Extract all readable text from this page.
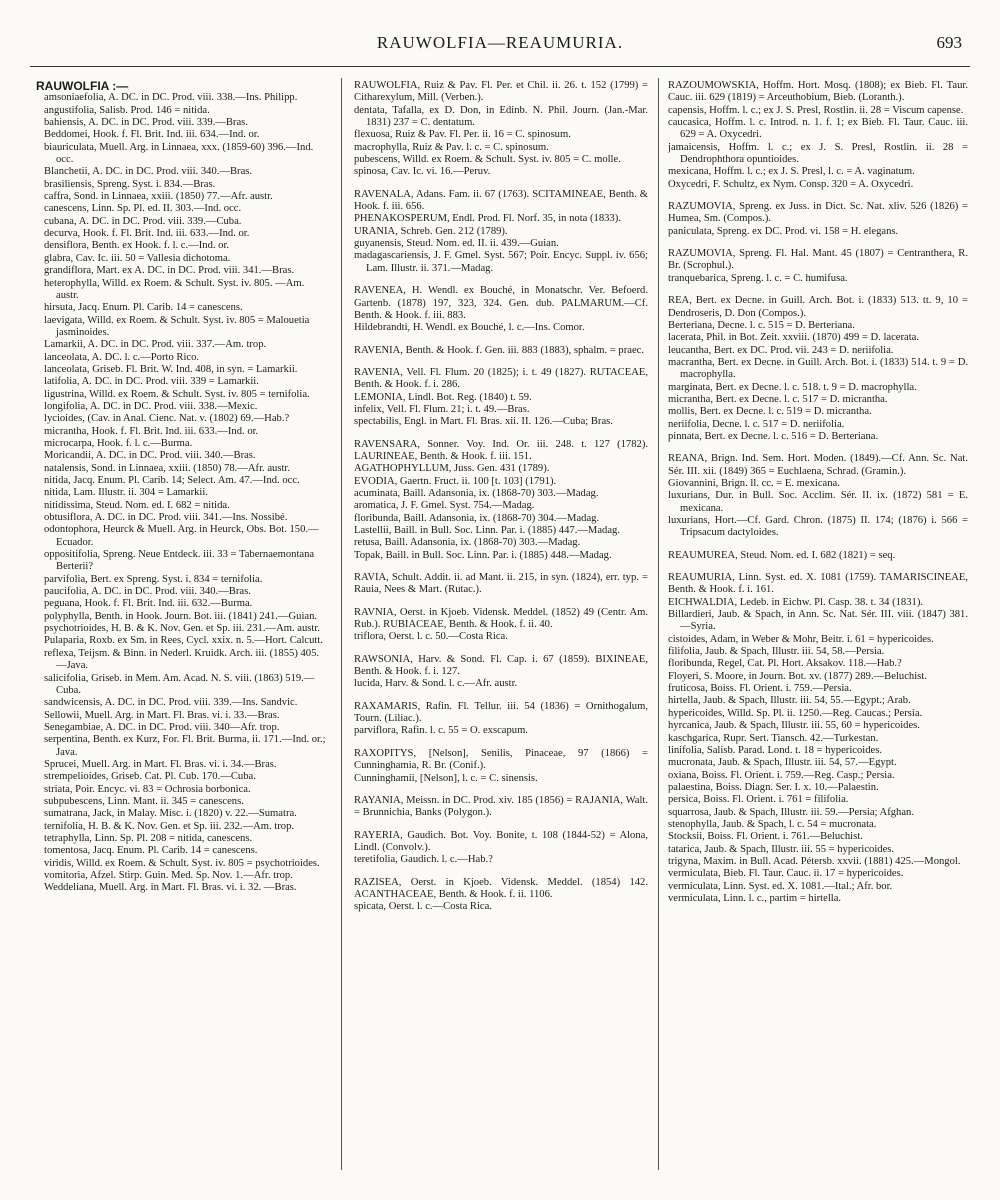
RAUWOLFIA—REAUMURIA.	693
RAUWOLFIA :—
amsoniaefolia, A. DC. in DC. Prod. viii. 338.—Ins. Philipp.
angustifolia, Salisb. Prod. 146 = nitida.
bahiensis, A. DC. in DC. Prod. viii. 339.—Bras.
Beddomei, Hook. f. Fl. Brit. Ind. iii. 634.—Ind. or.
biauriculata, Muell. Arg. in Linnaea, xxx. (1859-60) 396.—Ind. occ.
Blanchetii, A. DC. in DC. Prod. viii. 340.—Bras.
brasiliensis, Spreng. Syst. i. 834.—Bras.
caffra, Sond. in Linnaea, xxiii. (1850) 77.—Afr. austr.
canescens, Linn. Sp. Pl. ed. II. 303.—Ind. occ.
cubana, A. DC. in DC. Prod. viii. 339.—Cuba.
decurva, Hook. f. Fl. Brit. Ind. iii. 633.—Ind. or.
densiflora, Benth. ex Hook. f. l. c.—Ind. or.
glabra, Cav. Ic. iii. 50 = Vallesia dichotoma.
grandiflora, Mart. ex A. DC. in DC. Prod. viii. 341.—Bras.
heterophylla, Willd. ex Roem. & Schult. Syst. iv. 805. —Am. austr.
hirsuta, Jacq. Enum. Pl. Carib. 14 = canescens.
laevigata, Willd. ex Roem. & Schult. Syst. iv. 805 = Malouetia jasminoides.
Lamarkii, A. DC. in DC. Prod. viii. 337.—Am. trop.
lanceolata, A. DC. l. c.—Porto Rico.
lanceolata, Griseb. Fl. Brit. W. Ind. 408, in syn. = Lamarkii.
latifolia, A. DC. in DC. Prod. viii. 339 = Lamarkii.
ligustrina, Willd. ex Roem. & Schult. Syst. iv. 805 = ternifolia.
longifolia, A. DC. in DC. Prod. viii. 338.—Mexic.
lycioides, (Cav. in Anal. Cienc. Nat. v. (1802) 69.—Hab.?
micrantha, Hook. f. Fl. Brit. Ind. iii. 633.—Ind. or.
microcarpa, Hook. f. l. c.—Burma.
Moricandii, A. DC. in DC. Prod. viii. 340.—Bras.
natalensis, Sond. in Linnaea, xxiii. (1850) 78.—Afr. austr.
nitida, Jacq. Enum. Pl. Carib. 14; Select. Am. 47.—Ind. occ.
nitida, Lam. Illustr. ii. 304 = Lamarkii.
nitidissima, Steud. Nom. ed. I. 682 = nitida.
obtusiflora, A. DC. in DC. Prod. viii. 341.—Ins. Nossibé.
odontophora, Heurck & Muell. Arg. in Heurck, Obs. Bot. 150.—Ecuador.
oppositifolia, Spreng. Neue Entdeck. iii. 33 = Tabernaemontana Berterii?
parvifolia, Bert. ex Spreng. Syst. i. 834 = ternifolia.
paucifolia, A. DC. in DC. Prod. viii. 340.—Bras.
peguana, Hook. f. Fl. Brit. Ind. iii. 632.—Burma.
polyphylla, Benth. in Hook. Journ. Bot. iii. (1841) 241.—Guian.
psychotrioides, H. B. & K. Nov. Gen. et Sp. iii. 231.—Am. austr.
Pulaparia, Roxb. ex Sm. in Rees, Cycl. xxix. n. 5.—Hort. Calcutt.
reflexa, Teijsm. & Binn. in Nederl. Kruidk. Arch. iii. (1855) 405.—Java.
salicifolia, Griseb. in Mem. Am. Acad. N. S. viii. (1863) 519.—Cuba.
sandwicensis, A. DC. in DC. Prod. viii. 339.—Ins. Sandvic.
Sellowii, Muell. Arg. in Mart. Fl. Bras. vi. i. 33.—Bras.
Senegambiae, A. DC. in DC. Prod. viii. 340—Afr. trop.
serpentina, Benth. ex Kurz, For. Fl. Brit. Burma, ii. 171.—Ind. or.; Java.
Sprucei, Muell. Arg. in Mart. Fl. Bras. vi. i. 34.—Bras.
strempelioides, Griseb. Cat. Pl. Cub. 170.—Cuba.
striata, Poir. Encyc. vi. 83 = Ochrosia borbonica.
subpubescens, Linn. Mant. ii. 345 = canescens.
sumatrana, Jack, in Malay. Misc. i. (1820) v. 22.—Sumatra.
ternifolia, H. B. & K. Nov. Gen. et Sp. iii. 232.—Am. trop.
tetraphylla, Linn. Sp. Pl. 208 = nitida, canescens.
tomentosa, Jacq. Enum. Pl. Carib. 14 = canescens.
viridis, Willd. ex Roem. & Schult. Syst. iv. 805 = psychotrioides.
vomitoria, Afzel. Stirp. Guin. Med. Sp. Nov. 1.—Afr. trop.
Weddeliana, Muell. Arg. in Mart. Fl. Bras. vi. i. 32. —Bras.
RAUWOLFIA, Ruiz & Pav. Fl. Per. et Chil. ii. 26. t. 152 (1799) = Citharexylum, Mill. (Verben.).
dentata, Tafalla, ex D. Don, in Edinb. N. Phil. Journ. (Jan.-Mar. 1831) 237 = C. dentatum.
flexuosa, Ruiz & Pav. Fl. Per. ii. 16 = C. spinosum.
macrophylla, Ruiz & Pav. l. c. = C. spinosum.
pubescens, Willd. ex Roem. & Schult. Syst. iv. 805 = C. molle.
spinosa, Cav. Ic. vi. 16.—Peruv.
RAVENALA, Adans. Fam. ii. 67 (1763). SCITAMINEAE, Benth. & Hook. f. iii. 656.
PHENAKOSPERUM, Endl. Prod. Fl. Norf. 35, in nota (1833).
URANIA, Schreb. Gen. 212 (1789).
guyanensis, Steud. Nom. ed. II. ii. 439.—Guian.
madagascariensis, J. F. Gmel. Syst. 567; Poir. Encyc. Suppl. iv. 656; Lam. Illustr. ii. 371.—Madag.
RAVENEA, H. Wendl. ex Bouché, in Monatschr. Ver. Befoerd. Gartenb. (1878) 197, 323, 324. Gen. dub. PALMARUM.—Cf. Benth. & Hook. f. iii. 883.
Hildebrandti, H. Wendl. ex Bouché, l. c.—Ins. Comor.
RAVENIA, Benth. & Hook. f. Gen. iii. 883 (1883), sphalm. = praec.
RAVENIA, Vell. Fl. Flum. 20 (1825); i. t. 49 (1827). RUTACEAE, Benth. & Hook. f. i. 286.
LEMONIA, Lindl. Bot. Reg. (1840) t. 59.
infelix, Vell. Fl. Flum. 21; i. t. 49.—Bras.
spectabilis, Engl. in Mart. Fl. Bras. xii. II. 126.—Cuba; Bras.
RAVENSARA, Sonner. Voy. Ind. Or. iii. 248. t. 127 (1782). LAURINEAE, Benth. & Hook. f. iii. 151.
AGATHOPHYLLUM, Juss. Gen. 431 (1789).
EVODIA, Gaertn. Fruct. ii. 100 [t. 103] (1791).
acuminata, Baill. Adansonia, ix. (1868-70) 303.—Madag.
aromatica, J. F. Gmel. Syst. 754.—Madag.
floribunda, Baill. Adansonia, ix. (1868-70) 304.—Madag.
Lastellii, Baill. in Bull. Soc. Linn. Par. i. (1885) 447.—Madag.
retusa, Baill. Adansonia, ix. (1868-70) 303.—Madag.
Topak, Baill. in Bull. Soc. Linn. Par. i. (1885) 448.—Madag.
RAVIA, Schult. Addit. ii. ad Mant. ii. 215, in syn. (1824), err. typ. = Rauia, Nees & Mart. (Rutac.).
RAVNIA, Oerst. in Kjoeb. Vidensk. Meddel. (1852) 49 (Centr. Am. Rub.). RUBIACEAE, Benth. & Hook. f. ii. 40.
triflora, Oerst. l. c. 50.—Costa Rica.
RAWSONIA, Harv. & Sond. Fl. Cap. i. 67 (1859). BIXINEAE, Benth. & Hook. f. i. 127.
lucida, Harv. & Sond. l. c.—Afr. austr.
RAXAMARIS, Rafin. Fl. Tellur. iii. 54 (1836) = Ornithogalum, Tourn. (Liliac.).
parviflora, Rafin. l. c. 55 = O. exscapum.
RAXOPITYS, [Nelson], Senilis, Pinaceae, 97 (1866) = Cunninghamia, R. Br. (Conif.).
Cunninghamii, [Nelson], l. c. = C. sinensis.
RAYANIA, Meissn. in DC. Prod. xiv. 185 (1856) = RAJANIA, Walt. = Brunnichia, Banks (Polygon.).
RAYERIA, Gaudich. Bot. Voy. Bonite, t. 108 (1844-52) = Alona, Lindl. (Convolv.).
teretifolia, Gaudich. l. c.—Hab.?
RAZISEA, Oerst. in Kjoeb. Vidensk. Meddel. (1854) 142. ACANTHACEAE, Benth. & Hook. f. ii. 1106.
spicata, Oerst. l. c.—Costa Rica.
RAZOUMOWSKIA, Hoffm. Hort. Mosq. (1808); ex Bieb. Fl. Taur. Cauc. iii. 629 (1819) = Arceuthobium, Bieb. (Loranth.).
capensis, Hoffm. l. c.; ex J. S. Presl, Rostlin. ii. 28 = Viscum capense.
caucasica, Hoffm. l. c. Introd. n. 1. f. 1; ex Bieb. Fl. Taur. Cauc. iii. 629 = A. Oxycedri.
jamaicensis, Hoffm. l. c.; ex J. S. Presl, Rostlin. ii. 28 = Dendrophthora opuntioides.
mexicana, Hoffm. l. c.; ex J. S. Presl, l. c. = A. vaginatum.
Oxycedri, F. Schultz, ex Nym. Consp. 320 = A. Oxycedri.
RAZUMOVIA, Spreng. ex Juss. in Dict. Sc. Nat. xliv. 526 (1826) = Humea, Sm. (Compos.).
paniculata, Spreng. ex DC. Prod. vi. 158 = H. elegans.
RAZUMOVIA, Spreng. Fl. Hal. Mant. 45 (1807) = Centranthera, R. Br. (Scrophul.).
tranquebarica, Spreng. l. c. = C. humifusa.
REA, Bert. ex Decne. in Guill. Arch. Bot. i. (1833) 513. tt. 9, 10 = Dendroseris, D. Don (Compos.).
Berteriana, Decne. l. c. 515 = D. Berteriana.
lacerata, Phil. in Bot. Zeit. xxviii. (1870) 499 = D. lacerata.
leucantha, Bert. ex DC. Prod. vii. 243 = D. neriifolia.
macrantha, Bert. ex Decne. in Guill. Arch. Bot. i. (1833) 514. t. 9 = D. macrophylla.
marginata, Bert. ex Decne. l. c. 518. t. 9 = D. macrophylla.
micrantha, Bert. ex Decne. l. c. 517 = D. micrantha.
mollis, Bert. ex Decne. l. c. 519 = D. micrantha.
neriifolia, Decne. l. c. 517 = D. neriifolia.
pinnata, Bert. ex Decne. l. c. 516 = D. Berteriana.
REANA, Brign. Ind. Sem. Hort. Moden. (1849).—Cf. Ann. Sc. Nat. Sér. III. xii. (1849) 365 = Euchlaena, Schrad. (Gramin.).
Giovannini, Brign. ll. cc. = E. mexicana.
luxurians, Dur. in Bull. Soc. Acclim. Sér. II. ix. (1872) 581 = E. mexicana.
luxurians, Hort.—Cf. Gard. Chron. (1875) II. 174; (1876) i. 566 = Tripsacum dactyloides.
REAUMUREA, Steud. Nom. ed. I. 682 (1821) = seq.
REAUMURIA, Linn. Syst. ed. X. 1081 (1759). TAMARISCINEAE, Benth. & Hook. f. i. 161.
EICHWALDIA, Ledeb. in Eichw. Pl. Casp. 38. t. 34 (1831).
Billardieri, Jaub. & Spach, in Ann. Sc. Nat. Sér. III. viii. (1847) 381.—Syria.
cistoides, Adam, in Weber & Mohr, Beitr. i. 61 = hypericoides.
filifolia, Jaub. & Spach, Illustr. iii. 54, 58.—Persia.
floribunda, Regel, Cat. Pl. Hort. Aksakov. 118.—Hab.?
Floyeri, S. Moore, in Journ. Bot. xv. (1877) 289.—Beluchist.
fruticosa, Boiss. Fl. Orient. i. 759.—Persia.
hirtella, Jaub. & Spach, Illustr. iii. 54, 55.—Egypt.; Arab.
hypericoides, Willd. Sp. Pl. ii. 1250.—Reg. Caucas.; Persia.
hyrcanica, Jaub. & Spach, Illustr. iii. 55, 60 = hypericoides.
kaschgarica, Rupr. Sert. Tiansch. 42.—Turkestan.
linifolia, Salisb. Parad. Lond. t. 18 = hypericoides.
mucronata, Jaub. & Spach, Illustr. iii. 54, 57.—Egypt.
oxiana, Boiss. Fl. Orient. i. 759.—Reg. Casp.; Persia.
palaestina, Boiss. Diagn. Ser. I. x. 10.—Palaestin.
persica, Boiss. Fl. Orient. i. 761 = filifolia.
squarrosa, Jaub. & Spach, Illustr. iii. 59.—Persia; Afghan.
stenophylla, Jaub. & Spach, l. c. 54 = mucronata.
Stocksii, Boiss. Fl. Orient. i. 761.—Beluchist.
tatarica, Jaub. & Spach, Illustr. iii. 55 = hypericoides.
trigyna, Maxim. in Bull. Acad. Pétersb. xxvii. (1881) 425.—Mongol.
vermiculata, Bieb. Fl. Taur. Cauc. ii. 17 = hypericoides.
vermiculata, Linn. Syst. ed. X. 1081.—Ital.; Afr. bor.
vermiculata, Linn. l. c., partim = hirtella.
